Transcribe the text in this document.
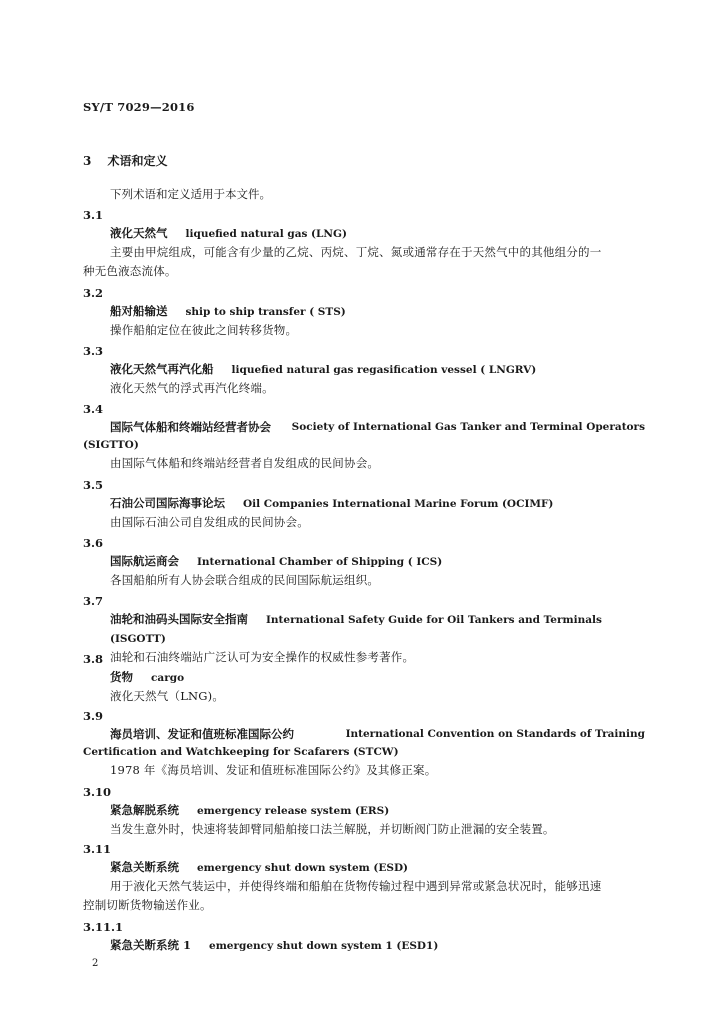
SY/T 7029—2016
3 术语和定义
下列术语和定义适用于本文件。
3.1
液化天然气 liquefied natural gas (LNG)
主要由甲烷组成，可能含有少量的乙烷、丙烷、丁烷、氮或通常存在于天然气中的其他组分的一
种无色液态流体。
3.2
船对船输送 ship to ship transfer ( STS)
操作船舶定位在彼此之间转移货物。
3.3
液化天然气再汽化船 liquefied natural gas regasification vessel ( LNGRV)
液化天然气的浮式再汽化终端。
3.4
国际气体船和终端站经营者协会 Society of International Gas Tanker and Terminal Operators
(SIGTTO)
由国际气体船和终端站经营者自发组成的民间协会。
3.5
石油公司国际海事论坛 Oil Companies International Marine Forum (OCIMF)
由国际石油公司自发组成的民间协会。
3.6
国际航运商会 International Chamber of Shipping ( ICS)
各国船舶所有人协会联合组成的民间国际航运组织。
3.7
油轮和油码头国际安全指南 International Safety Guide for Oil Tankers and Terminals (ISGOTT)
油轮和石油终端站广泛认可为安全操作的权威性参考著作。
3.8
货物 cargo
液化天然气（LNG)。
3.9
海员培训、发证和值班标准国际公约	International Convention on Standards of Training
Certification and Watchkeeping for Scafarers (STCW)
1978 年《海员培训、发证和值班标准国际公约》及其修正案。
3.10
紧急解脱系统 emergency release system (ERS)
当发生意外时，快速将装卸臂同船舶接口法兰解脱，并切断阀门防止泄漏的安全装置。
3.11
紧急关断系统 emergency shut down system (ESD)
用于液化天然气装运中，并使得终端和船舶在货物传输过程中遇到异常或紧急状况时，能够迅速
控制切断货物输送作业。
3.11.1
紧急关断系统 1 emergency shut down system 1 (ESD1)
2
